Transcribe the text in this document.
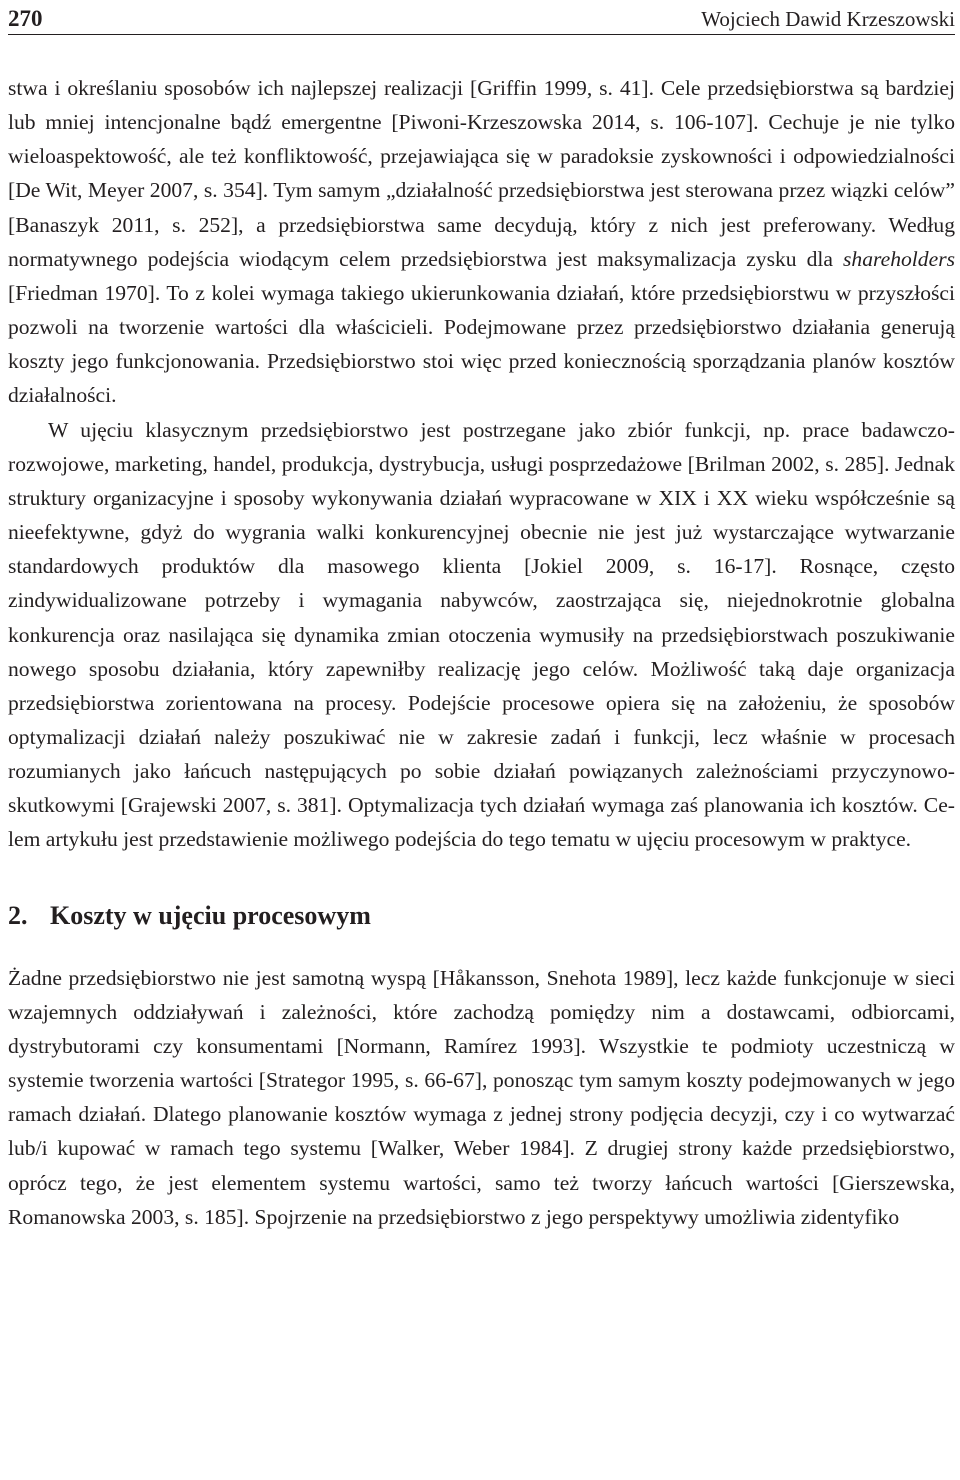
270	Wojciech Dawid Krzeszowski

stwa i określaniu sposobów ich najlepszej realizacji [Griffin 1999, s. 41]. Cele przedsiębiorstwa są bardziej lub mniej intencjonalne bądź emergentne [Piwoni-Krzeszowska 2014, s. 106-107]. Cechuje je nie tylko wieloaspektowość, ale też konfliktowość, przejawiająca się w paradoksie zyskowności i odpowiedzialności [De Wit, Meyer 2007, s. 354]. Tym samym „działalność przedsiębiorstwa jest sterowana przez wiązki celów” [Banaszyk 2011, s. 252], a przedsiębiorstwa same decydują, który z nich jest preferowany. Według normatywnego podejścia wiodącym celem przedsiębiorstwa jest maksymalizacja zysku dla shareholders [Friedman 1970]. To z kolei wymaga takiego ukierunkowania działań, które przedsiębiorstwu w przyszłości pozwoli na tworzenie wartości dla właścicieli. Podejmowane przez przedsiębiorstwo działania generują koszty jego funkcjonowania. Przedsiębiorstwo stoi więc przed koniecznością sporządzania planów kosztów działalności.

W ujęciu klasycznym przedsiębiorstwo jest postrzegane jako zbiór funkcji, np. prace badawczo-rozwojowe, marketing, handel, produkcja, dystrybucja, usługi posprzedażowe [Brilman 2002, s. 285]. Jednak struktury organizacyjne i sposoby wykonywania działań wypracowane w XIX i XX wieku współcześnie są nieefektywne, gdyż do wygrania walki konkurencyjnej obecnie nie jest już wystarczające wytwarzanie standardowych produktów dla masowego klienta [Jokiel 2009, s. 16-17]. Rosnące, często zindywidualizowane potrzeby i wymagania nabywców, zaostrzająca się, niejednokrotnie globalna konkurencja oraz nasilająca się dynamika zmian otoczenia wymusiły na przedsiębiorstwach poszukiwanie nowego sposobu działania, który zapewniłby realizację jego celów. Możliwość taką daje organizacja przedsiębiorstwa zorientowana na procesy. Podejście procesowe opiera się na założeniu, że sposobów optymalizacji działań należy poszukiwać nie w zakresie zadań i funkcji, lecz właśnie w procesach rozumianych jako łańcuch następujących po sobie działań powiązanych zależnościami przyczynowo-skutkowymi [Grajewski 2007, s. 381]. Optymalizacja tych działań wymaga zaś planowania ich kosztów. Celem artykułu jest przedstawienie możliwego podejścia do tego tematu w ujęciu procesowym w praktyce.

2. Koszty w ujęciu procesowym

Żadne przedsiębiorstwo nie jest samotną wyspą [Håkansson, Snehota 1989], lecz każde funkcjonuje w sieci wzajemnych oddziaływań i zależności, które zachodzą pomiędzy nim a dostawcami, odbiorcami, dystrybutorami czy konsumentami [Normann, Ramírez 1993]. Wszystkie te podmioty uczestniczą w systemie tworzenia wartości [Strategor 1995, s. 66-67], ponosząc tym samym koszty podejmowanych w jego ramach działań. Dlatego planowanie kosztów wymaga z jednej strony podjęcia decyzji, czy i co wytwarzać lub/i kupować w ramach tego systemu [Walker, Weber 1984]. Z drugiej strony każde przedsiębiorstwo, oprócz tego, że jest elementem systemu wartości, samo też tworzy łańcuch wartości [Gierszewska, Romanowska 2003, s. 185]. Spojrzenie na przedsiębiorstwo z jego perspektywy umożliwia zidentyfiko
